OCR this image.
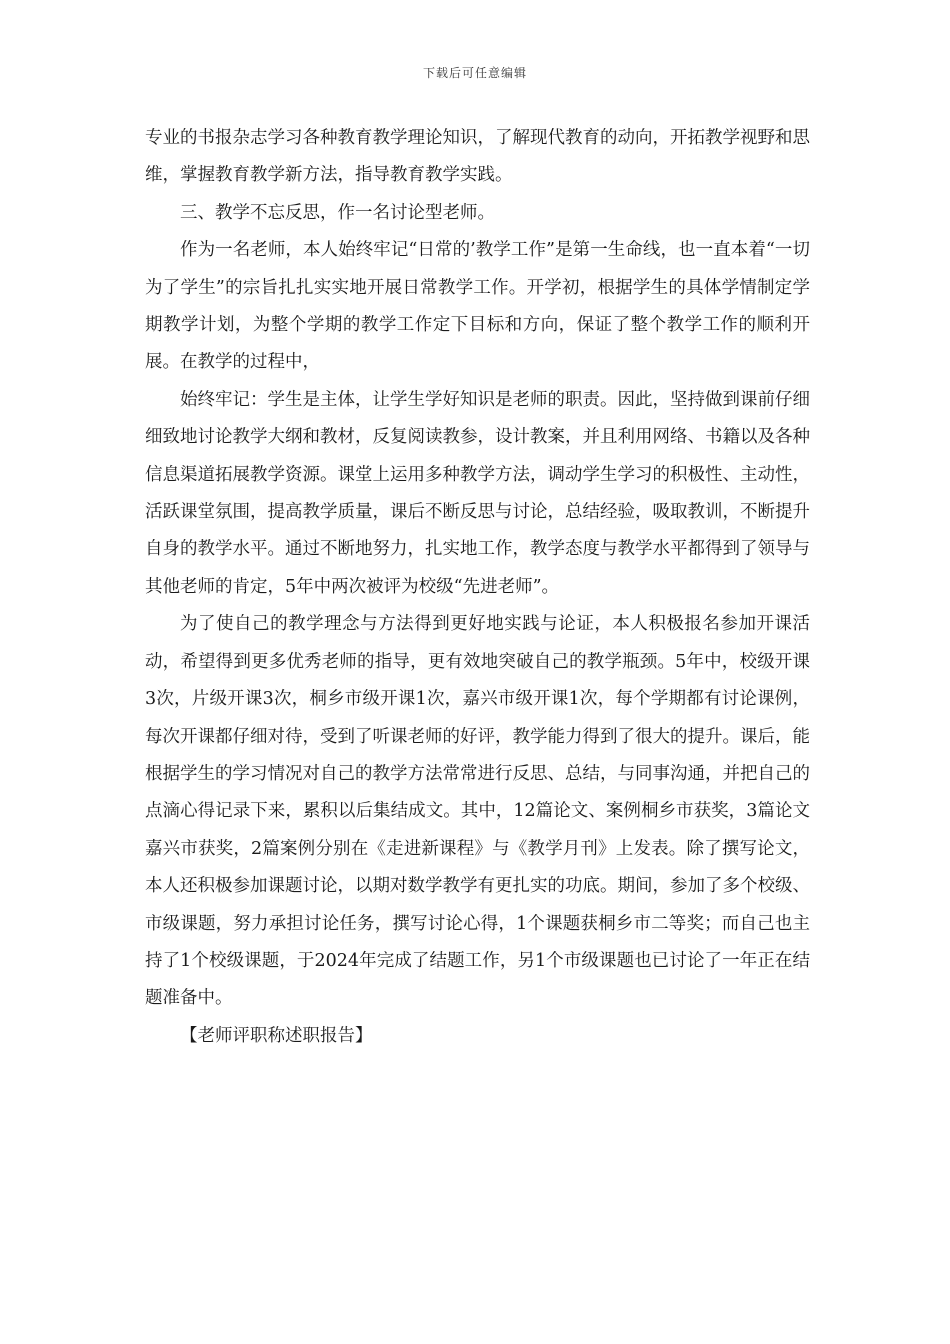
下载后可任意编辑

专业的书报杂志学习各种教育教学理论知识，了解现代教育的动向，开拓教学视野和思维，掌握教育教学新方法，指导教育教学实践。

三、教学不忘反思，作一名讨论型老师。

作为一名老师，本人始终牢记“日常的’教学工作”是第一生命线，也一直本着“一切为了学生”的宗旨扎扎实实地开展日常教学工作。开学初，根据学生的具体学情制定学期教学计划，为整个学期的教学工作定下目标和方向，保证了整个教学工作的顺利开展。在教学的过程中，

始终牢记：学生是主体，让学生学好知识是老师的职责。因此，坚持做到课前仔细细致地讨论教学大纲和教材，反复阅读教参，设计教案，并且利用网络、书籍以及各种信息渠道拓展教学资源。课堂上运用多种教学方法，调动学生学习的积极性、主动性，活跃课堂氛围，提高教学质量，课后不断反思与讨论，总结经验，吸取教训，不断提升自身的教学水平。通过不断地努力，扎实地工作，教学态度与教学水平都得到了领导与其他老师的肯定，5年中两次被评为校级“先进老师”。

为了使自己的教学理念与方法得到更好地实践与论证，本人积极报名参加开课活动，希望得到更多优秀老师的指导，更有效地突破自己的教学瓶颈。5年中，校级开课3次，片级开课3次，桐乡市级开课1次，嘉兴市级开课1次，每个学期都有讨论课例，每次开课都仔细对待，受到了听课老师的好评，教学能力得到了很大的提升。课后，能根据学生的学习情况对自己的教学方法常常进行反思、总结，与同事沟通，并把自己的点滴心得记录下来，累积以后集结成文。其中，12篇论文、案例桐乡市获奖，3篇论文嘉兴市获奖，2篇案例分别在《走进新课程》与《教学月刊》上发表。除了撰写论文，本人还积极参加课题讨论，以期对数学教学有更扎实的功底。期间，参加了多个校级、市级课题，努力承担讨论任务，撰写讨论心得，1个课题获桐乡市二等奖；而自己也主持了1个校级课题，于2024年完成了结题工作，另1个市级课题也已讨论了一年正在结题准备中。

【老师评职称述职报告】
